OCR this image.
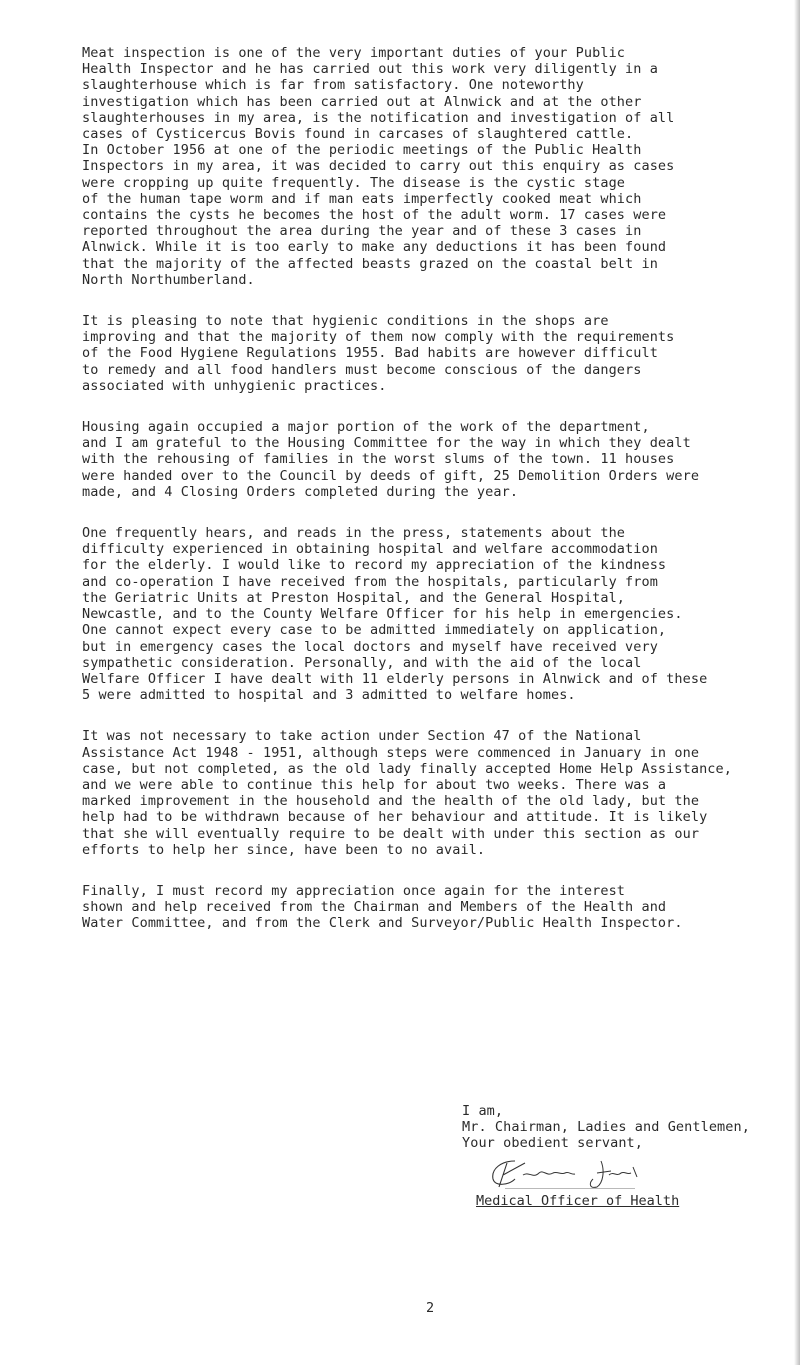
Meat inspection is one of the very important duties of your Public
Health Inspector and he has carried out this work very diligently in a
slaughterhouse which is far from satisfactory. One noteworthy
investigation which has been carried out at Alnwick and at the other
slaughterhouses in my area, is the notification and investigation of all
cases of Cysticercus Bovis found in carcases of slaughtered cattle.
In October 1956 at one of the periodic meetings of the Public Health
Inspectors in my area, it was decided to carry out this enquiry as cases
were cropping up quite frequently. The disease is the cystic stage
of the human tape worm and if man eats imperfectly cooked meat which
contains the cysts he becomes the host of the adult worm. 17 cases were
reported throughout the area during the year and of these 3 cases in
Alnwick. While it is too early to make any deductions it has been found
that the majority of the affected beasts grazed on the coastal belt in
North Northumberland.
It is pleasing to note that hygienic conditions in the shops are
improving and that the majority of them now comply with the requirements
of the Food Hygiene Regulations 1955. Bad habits are however difficult
to remedy and all food handlers must become conscious of the dangers
associated with unhygienic practices.
Housing again occupied a major portion of the work of the department,
and I am grateful to the Housing Committee for the way in which they dealt
with the rehousing of families in the worst slums of the town. 11 houses
were handed over to the Council by deeds of gift, 25 Demolition Orders were
made, and 4 Closing Orders completed during the year.
One frequently hears, and reads in the press, statements about the
difficulty experienced in obtaining hospital and welfare accommodation
for the elderly. I would like to record my appreciation of the kindness
and co-operation I have received from the hospitals, particularly from
the Geriatric Units at Preston Hospital, and the General Hospital,
Newcastle, and to the County Welfare Officer for his help in emergencies.
One cannot expect every case to be admitted immediately on application,
but in emergency cases the local doctors and myself have received very
sympathetic consideration. Personally, and with the aid of the local
Welfare Officer I have dealt with 11 elderly persons in Alnwick and of these
5 were admitted to hospital and 3 admitted to welfare homes.
It was not necessary to take action under Section 47 of the National
Assistance Act 1948 - 1951, although steps were commenced in January in one
case, but not completed, as the old lady finally accepted Home Help Assistance,
and we were able to continue this help for about two weeks. There was a
marked improvement in the household and the health of the old lady, but the
help had to be withdrawn because of her behaviour and attitude. It is likely
that she will eventually require to be dealt with under this section as our
efforts to help her since, have been to no avail.
Finally, I must record my appreciation once again for the interest
shown and help received from the Chairman and Members of the Health and
Water Committee, and from the Clerk and Surveyor/Public Health Inspector.
I am,
Mr. Chairman, Ladies and Gentlemen,
Your obedient servant,
Medical Officer of Health
2
